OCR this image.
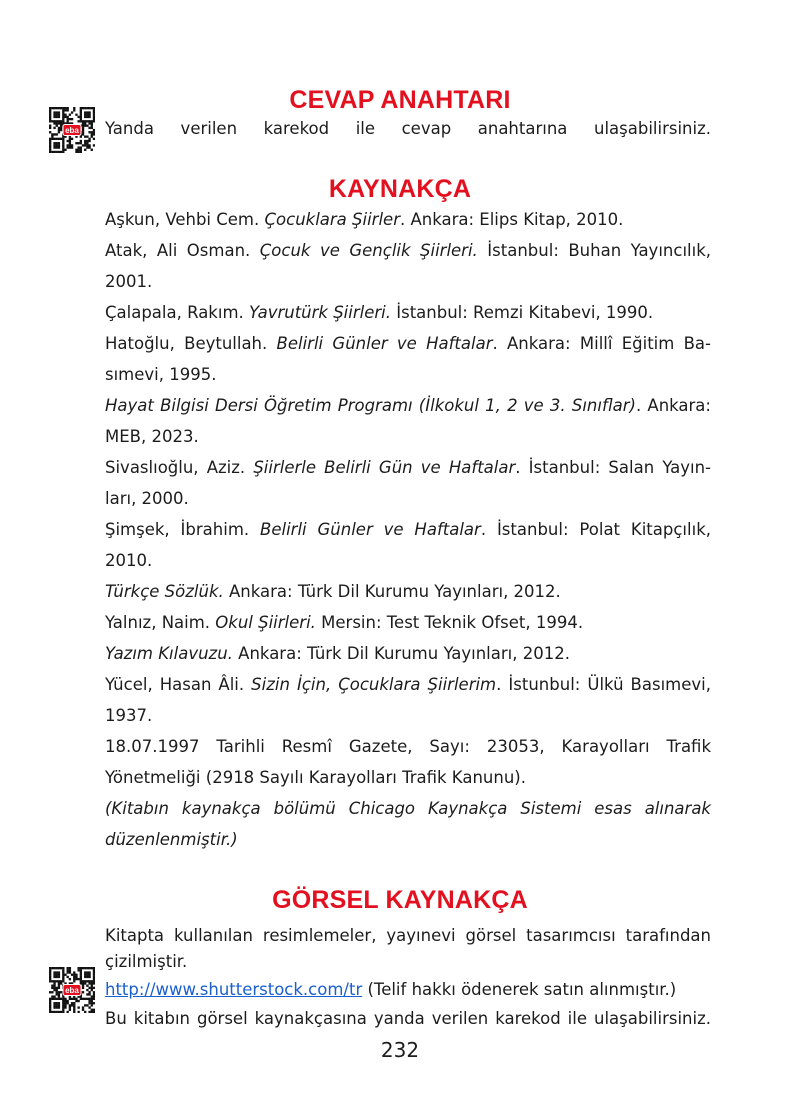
CEVAP ANAHTARI
eba Yanda verilen karekod ile cevap anahtarına ulaşabilirsiniz.
KAYNAKÇA
Aşkun, Vehbi Cem. Çocuklara Şiirler. Ankara: Elips Kitap, 2010.
Atak, Ali Osman. Çocuk ve Gençlik Şiirleri. İstanbul: Buhan Yayıncılık,
2001.
Çalapala, Rakım. Yavrutürk Şiirleri. İstanbul: Remzi Kitabevi, 1990.
Hatoğlu, Beytullah. Belirli Günler ve Haftalar. Ankara: Millî Eğitim Ba-
sımevi, 1995.
Hayat Bilgisi Dersi Öğretim Programı (İlkokul 1, 2 ve 3. Sınıflar). Ankara:
MEB, 2023.
Sivaslıoğlu, Aziz. Şiirlerle Belirli Gün ve Haftalar. İstanbul: Salan Yayın-
ları, 2000.
Şimşek, İbrahim. Belirli Günler ve Haftalar. İstanbul: Polat Kitapçılık,
2010.
Türkçe Sözlük. Ankara: Türk Dil Kurumu Yayınları, 2012.
Yalnız, Naim. Okul Şiirleri. Mersin: Test Teknik Ofset, 1994.
Yazım Kılavuzu. Ankara: Türk Dil Kurumu Yayınları, 2012.
Yücel, Hasan Âli. Sizin İçin, Çocuklara Şiirlerim. İstunbul: Ülkü Basımevi,
1937.
18.07.1997 Tarihli Resmî Gazete, Sayı: 23053, Karayolları Trafik
Yönetmeliği (2918 Sayılı Karayolları Trafik Kanunu).
(Kitabın kaynakça bölümü Chicago Kaynakça Sistemi esas alınarak
düzenlenmiştir.)
GÖRSEL KAYNAKÇA
Kitapta kullanılan resimlemeler, yayınevi görsel tasarımcısı tarafından
çizilmiştir.
eba http://www.shutterstock.com/tr (Telif hakkı ödenerek satın alınmıştır.)
Bu kitabın görsel kaynakçasına yanda verilen karekod ile ulaşabilirsiniz.
232
